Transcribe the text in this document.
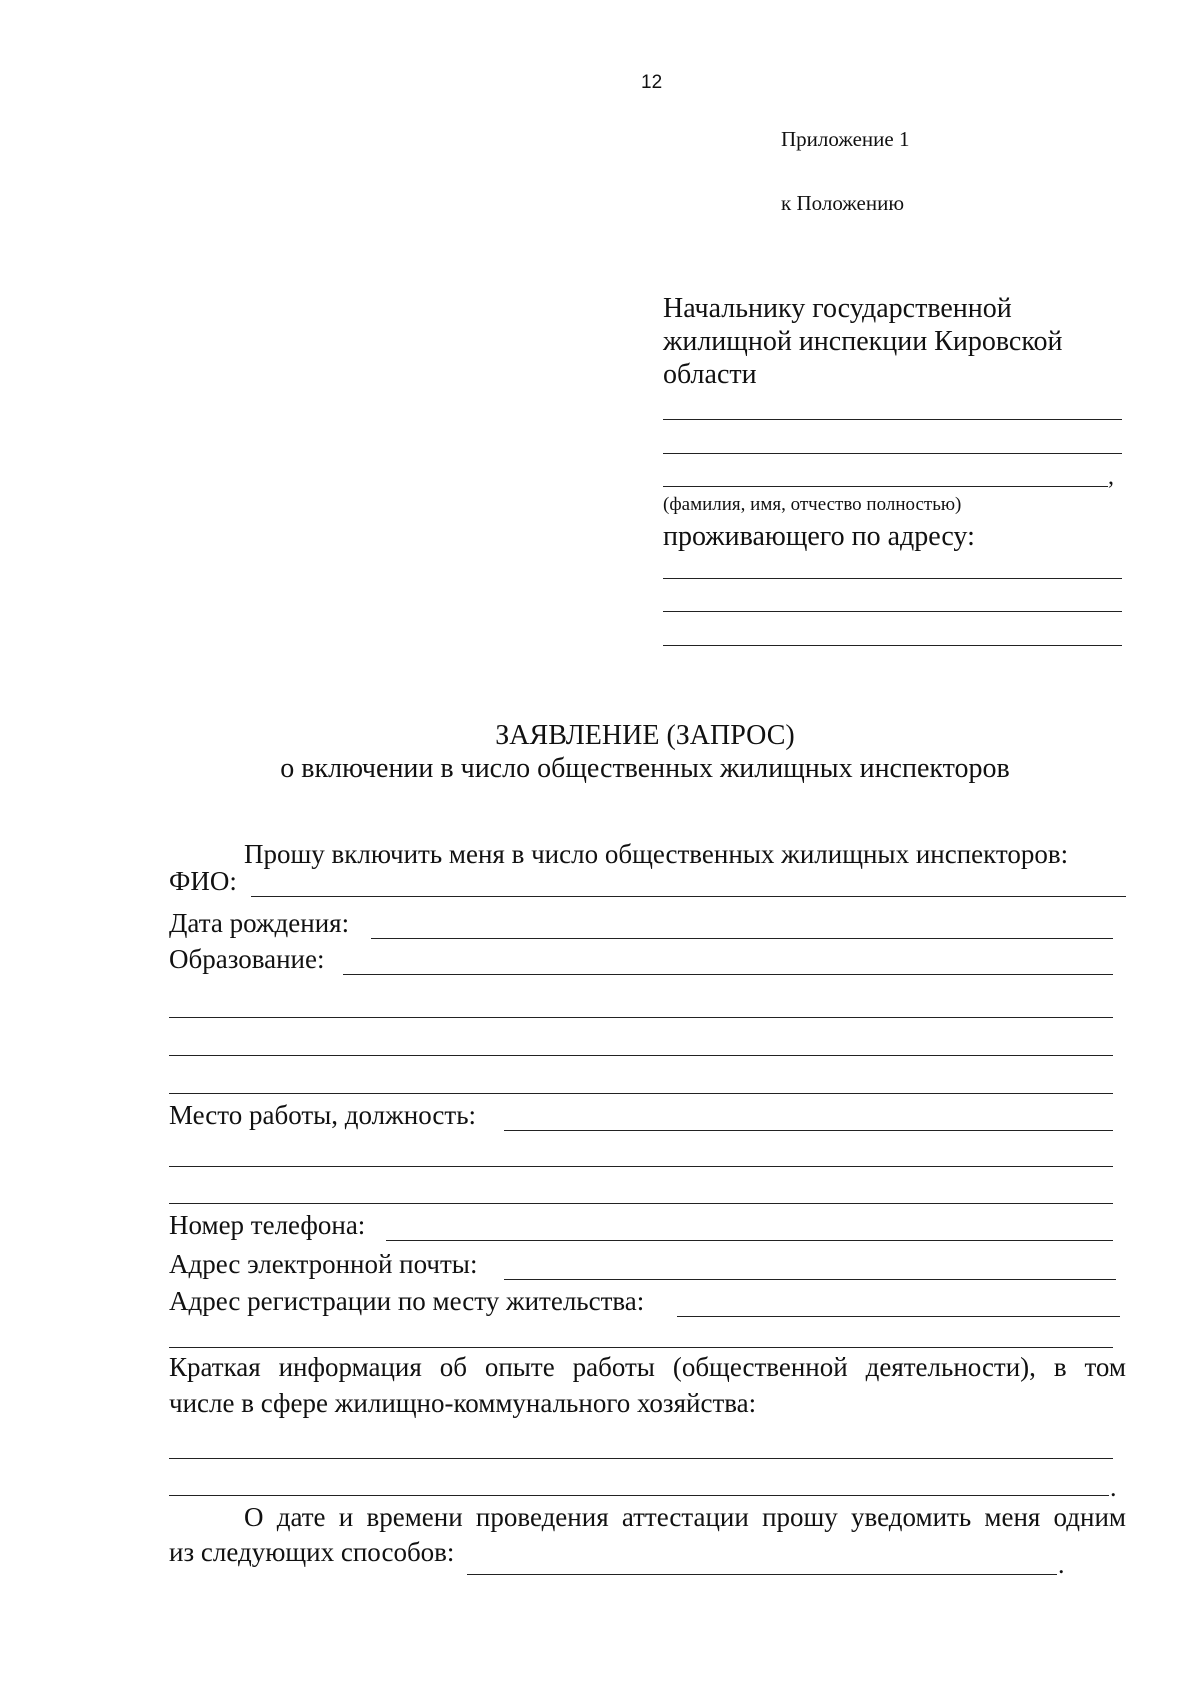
12
Приложение 1
к Положению
Начальнику государственной
жилищной инспекции Кировской
области
,
(фамилия, имя, отчество полностью)
проживающего по адресу:
ЗАЯВЛЕНИЕ (ЗАПРОС)
о включении в число общественных жилищных инспекторов
Прошу включить меня в число общественных жилищных инспекторов:
ФИО:
Дата рождения:
Образование:
Место работы, должность:
Номер телефона:
Адрес электронной почты:
Адрес регистрации по месту жительства:
Краткая информация об опыте работы (общественной деятельности), в том
числе в сфере жилищно-коммунального хозяйства:
.
О дате и времени проведения аттестации прошу уведомить меня одним
из следующих способов:	.
